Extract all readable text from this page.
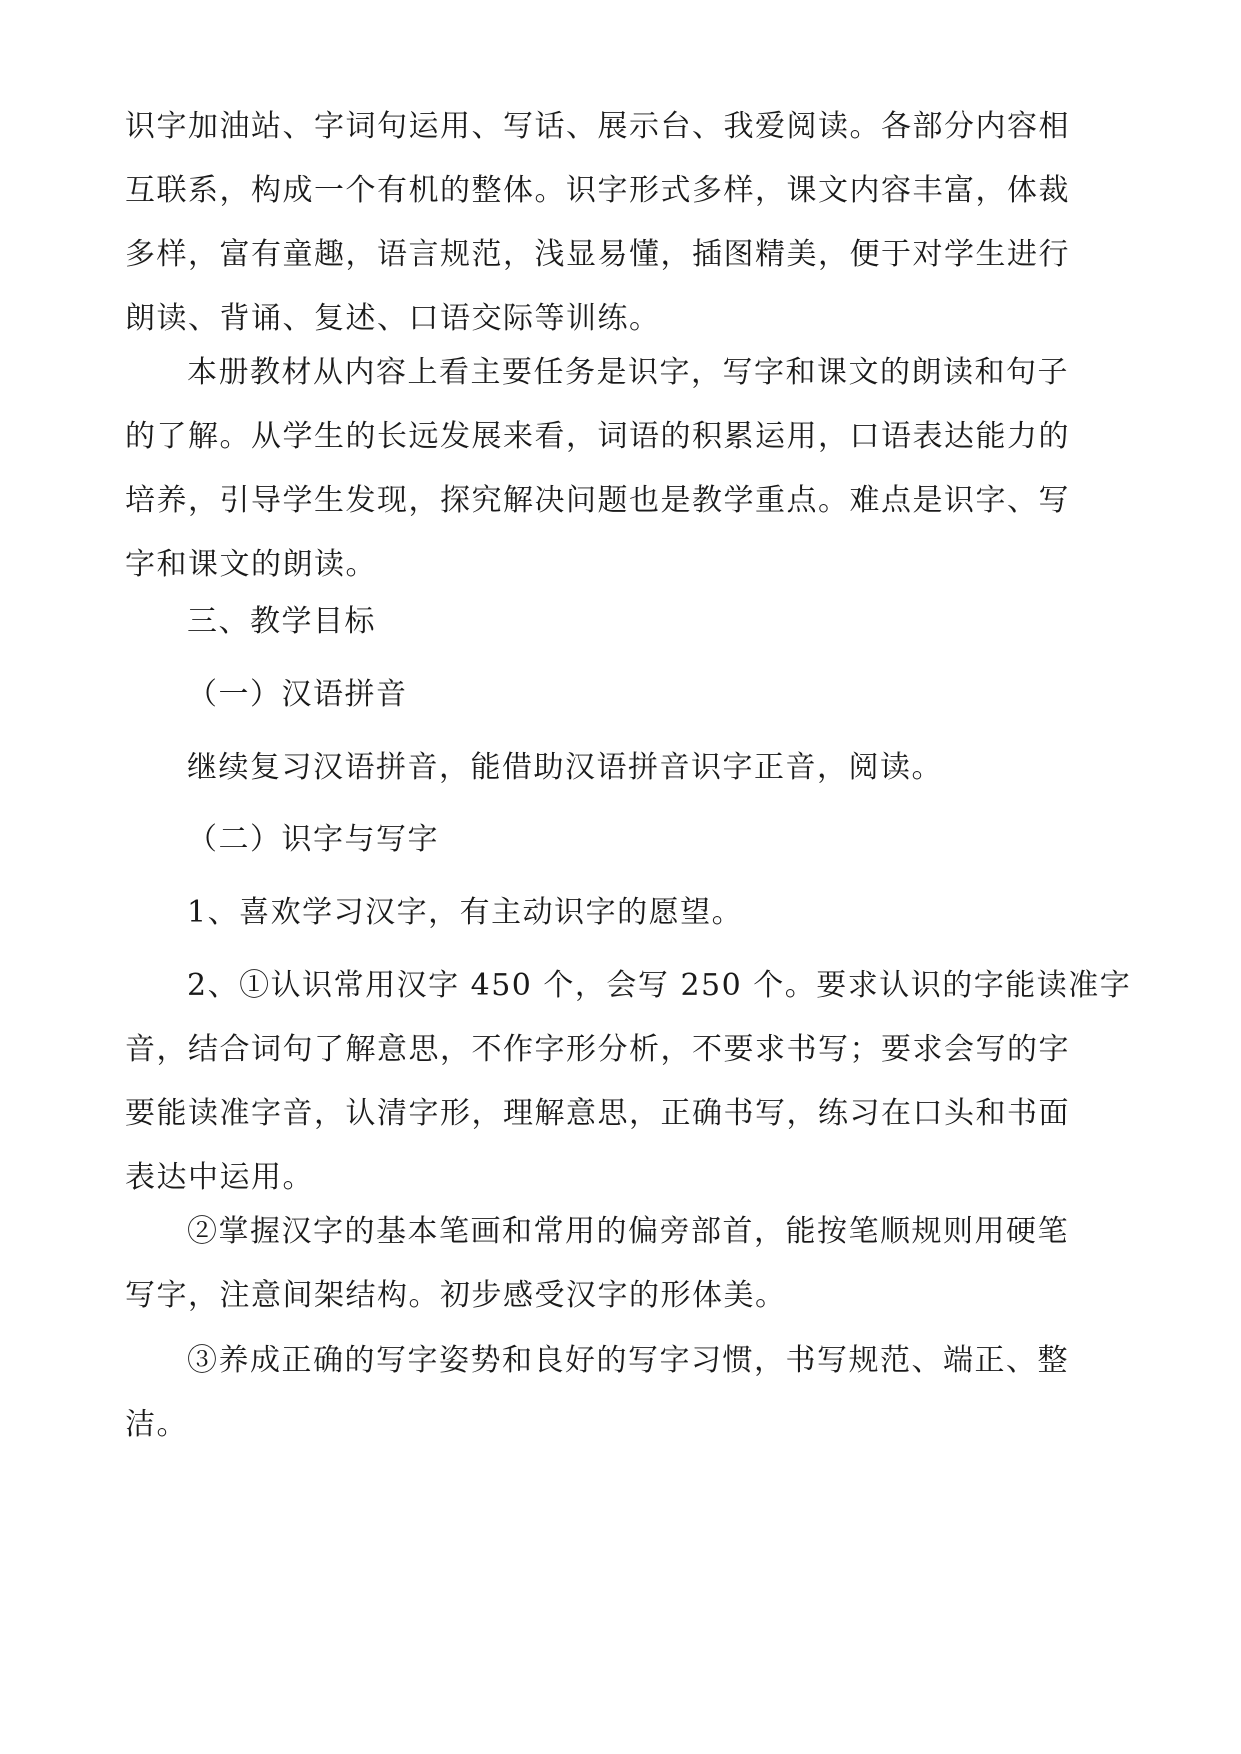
识字加油站、字词句运用、写话、展示台、我爱阅读。各部分内容相
互联系，构成一个有机的整体。识字形式多样，课文内容丰富，体裁
多样，富有童趣，语言规范，浅显易懂，插图精美，便于对学生进行
朗读、背诵、复述、口语交际等训练。
本册教材从内容上看主要任务是识字，写字和课文的朗读和句子
的了解。从学生的长远发展来看，词语的积累运用，口语表达能力的
培养，引导学生发现，探究解决问题也是教学重点。难点是识字、写
字和课文的朗读。
三、教学目标
（一）汉语拼音
继续复习汉语拼音，能借助汉语拼音识字正音，阅读。
（二）识字与写字
1、喜欢学习汉字，有主动识字的愿望。
2、①认识常用汉字 450 个，会写 250 个。要求认识的字能读准字
音，结合词句了解意思，不作字形分析，不要求书写；要求会写的字
要能读准字音，认清字形，理解意思，正确书写，练习在口头和书面
表达中运用。
②掌握汉字的基本笔画和常用的偏旁部首，能按笔顺规则用硬笔
写字，注意间架结构。初步感受汉字的形体美。
③养成正确的写字姿势和良好的写字习惯，书写规范、端正、整
洁。
